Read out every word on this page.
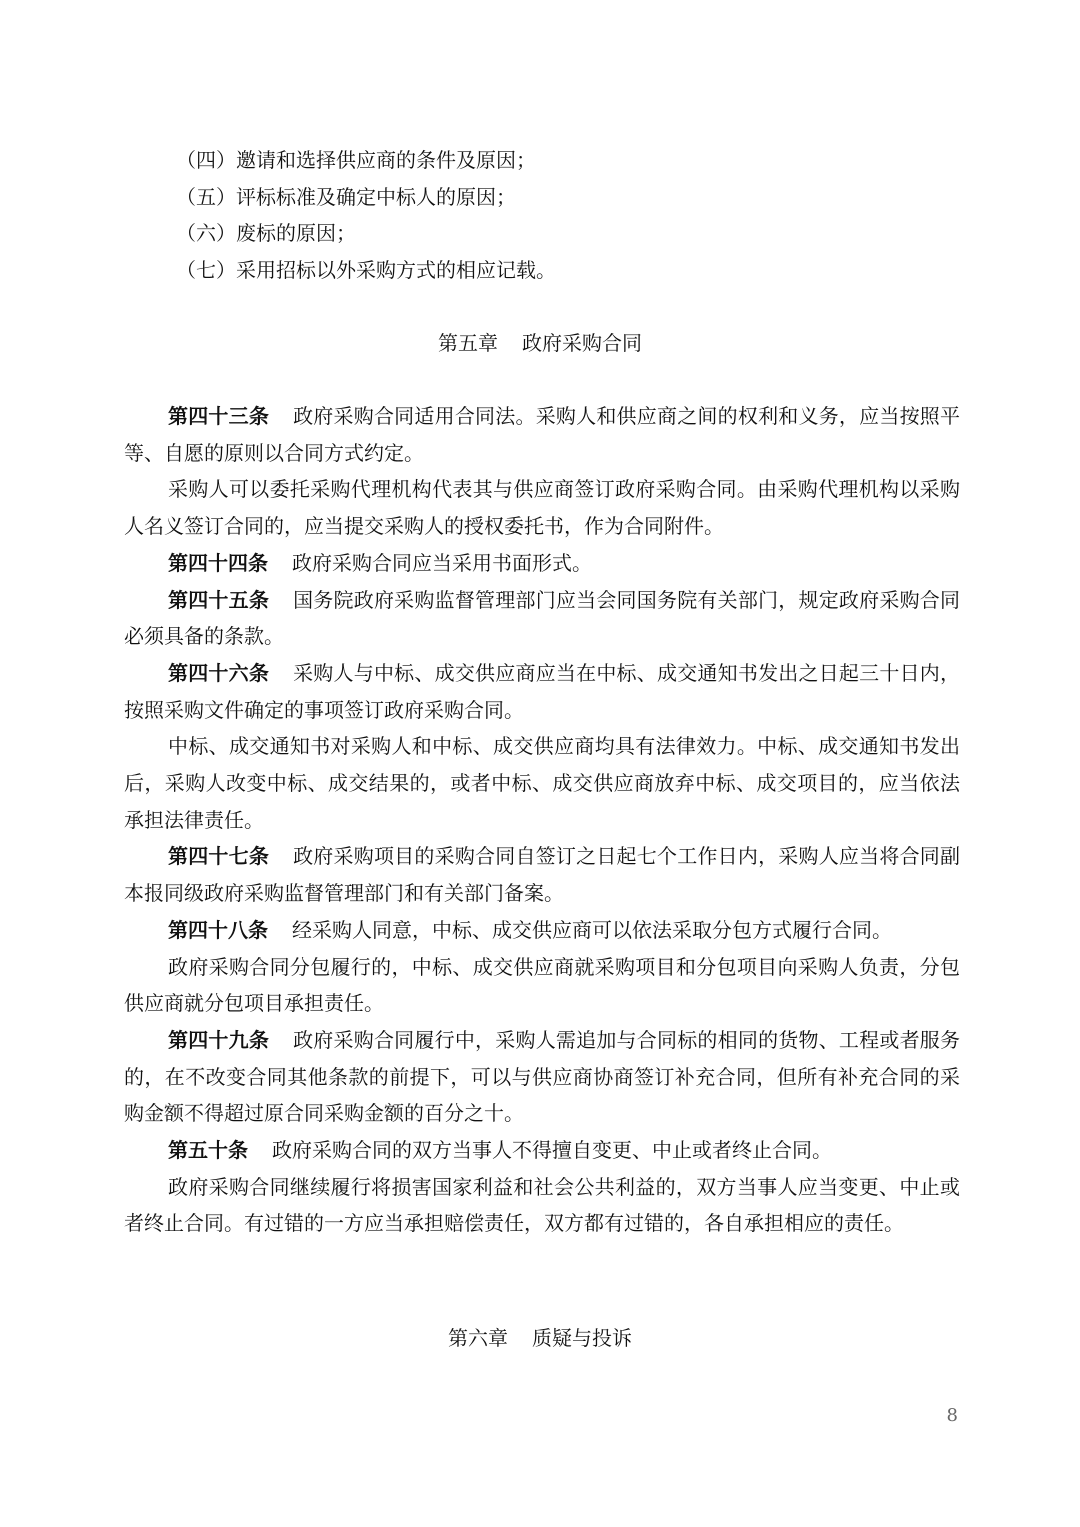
（四）邀请和选择供应商的条件及原因；
（五）评标标准及确定中标人的原因；
（六）废标的原因；
（七）采用招标以外采购方式的相应记载。
第五章 政府采购合同

第四十三条 政府采购合同适用合同法。采购人和供应商之间的权利和义务，应当按照平等、自愿的原则以合同方式约定。

采购人可以委托采购代理机构代表其与供应商签订政府采购合同。由采购代理机构以采购人名义签订合同的，应当提交采购人的授权委托书，作为合同附件。

第四十四条 政府采购合同应当采用书面形式。

第四十五条 国务院政府采购监督管理部门应当会同国务院有关部门，规定政府采购合同必须具备的条款。

第四十六条 采购人与中标、成交供应商应当在中标、成交通知书发出之日起三十日内，按照采购文件确定的事项签订政府采购合同。

中标、成交通知书对采购人和中标、成交供应商均具有法律效力。中标、成交通知书发出后，采购人改变中标、成交结果的，或者中标、成交供应商放弃中标、成交项目的，应当依法承担法律责任。

第四十七条 政府采购项目的采购合同自签订之日起七个工作日内，采购人应当将合同副本报同级政府采购监督管理部门和有关部门备案。

第四十八条 经采购人同意，中标、成交供应商可以依法采取分包方式履行合同。

政府采购合同分包履行的，中标、成交供应商就采购项目和分包项目向采购人负责，分包供应商就分包项目承担责任。

第四十九条 政府采购合同履行中，采购人需追加与合同标的相同的货物、工程或者服务的，在不改变合同其他条款的前提下，可以与供应商协商签订补充合同，但所有补充合同的采购金额不得超过原合同采购金额的百分之十。

第五十条 政府采购合同的双方当事人不得擅自变更、中止或者终止合同。

政府采购合同继续履行将损害国家利益和社会公共利益的，双方当事人应当变更、中止或者终止合同。有过错的一方应当承担赔偿责任，双方都有过错的，各自承担相应的责任。

第六章 质疑与投诉
8
